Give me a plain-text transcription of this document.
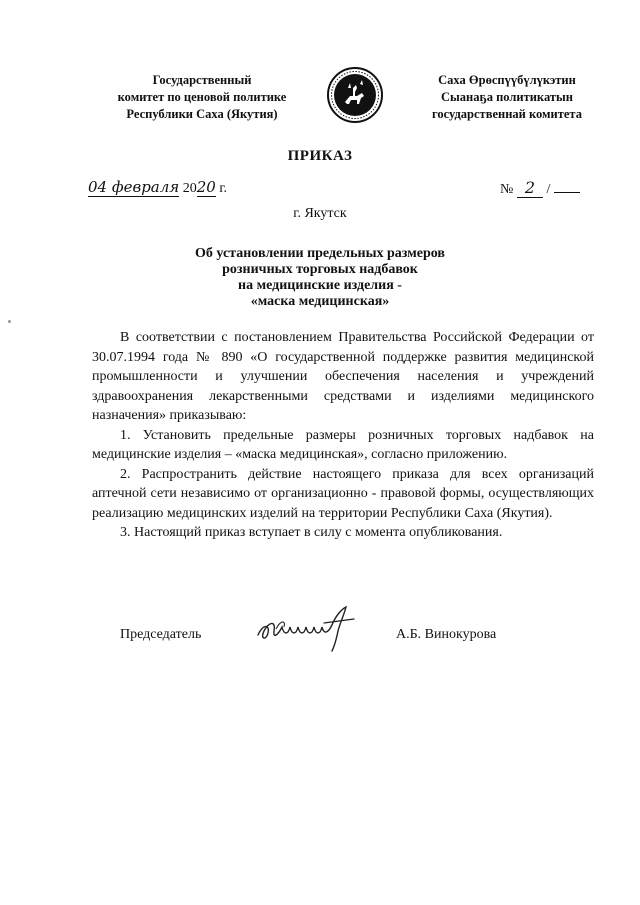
Государственный
комитет по ценовой политике
Республики Саха (Якутия)
Саха Өрөспүүбүлүкэтин
Сыанаҕа политикатын
государственнай комитета
ПРИКАЗ
04 февраля 2020 г.	№ 2 /
г. Якутск
Об установлении предельных размеров
розничных торговых надбавок
на медицинские изделия -
«маска медицинская»

В соответствии с постановлением Правительства Российской Федерации от 30.07.1994 года № 890 «О государственной поддержке развития медицинской промышленности и улучшении обеспечения населения и учреждений здравоохранения лекарственными средствами и изделиями медицинского назначения» приказываю:

1. Установить предельные размеры розничных торговых надбавок на медицинские изделия – «маска медицинская», согласно приложению.

2. Распространить действие настоящего приказа для всех организаций аптечной сети независимо от организационно - правовой формы, осуществляющих реализацию медицинских изделий на территории Республики Саха (Якутия).

3. Настоящий приказ вступает в силу с момента опубликования.

Председатель	А.Б. Винокурова
